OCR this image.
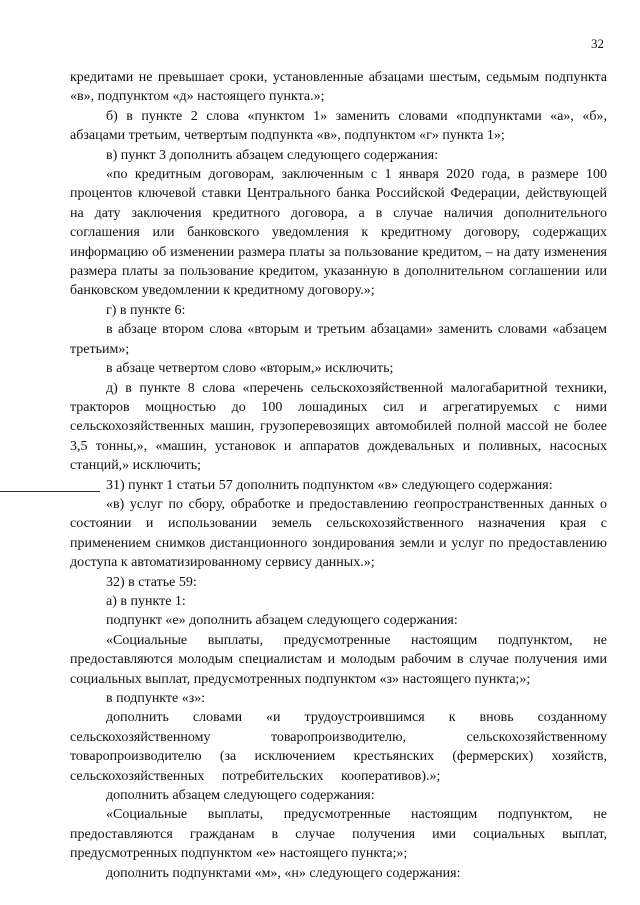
32

кредитами не превышает сроки, установленные абзацами шестым, седьмым подпункта «в», подпунктом «д» настоящего пункта.»;

б) в пункте 2 слова «пунктом 1» заменить словами «подпунктами «а», «б», абзацами третьим, четвертым подпункта «в», подпунктом «г» пункта 1»;

в) пункт 3 дополнить абзацем следующего содержания:

«по кредитным договорам, заключенным с 1 января 2020 года, в размере 100 процентов ключевой ставки Центрального банка Российской Федерации, действующей на дату заключения кредитного договора, а в случае наличия дополнительного соглашения или банковского уведомления к кредитному договору, содержащих информацию об изменении размера платы за пользование кредитом, – на дату изменения размера платы за пользование кредитом, указанную в дополнительном соглашении или банковском уведомлении к кредитному договору.»;

г) в пункте 6:

в абзаце втором слова «вторым и третьим абзацами» заменить словами «абзацем третьим»;

в абзаце четвертом слово «вторым,» исключить;

д) в пункте 8 слова «перечень сельскохозяйственной малогабаритной техники, тракторов мощностью до 100 лошадиных сил и агрегатируемых с ними сельскохозяйственных машин, грузоперевозящих автомобилей полной массой не более 3,5 тонны,», «машин, установок и аппаратов дождевальных и поливных, насосных станций,» исключить;

31) пункт 1 статьи 57 дополнить подпунктом «в» следующего содержания:

«в) услуг по сбору, обработке и предоставлению геопространственных данных о состоянии и использовании земель сельскохозяйственного назначения края с применением снимков дистанционного зондирования земли и услуг по предоставлению доступа к автоматизированному сервису данных.»;

32) в статье 59:

а) в пункте 1:

подпункт «е» дополнить абзацем следующего содержания:

«Социальные выплаты, предусмотренные настоящим подпунктом, не предоставляются молодым специалистам и молодым рабочим в случае получения ими социальных выплат, предусмотренных подпунктом «з» настоящего пункта;»;

в подпункте «з»:

дополнить словами «и трудоустроившимся к вновь созданному сельскохозяйственному товаропроизводителю, сельскохозяйственному товаропроизводителю (за исключением крестьянских (фермерских) хозяйств, сельскохозяйственных потребительских кооперативов).»;

дополнить абзацем следующего содержания:

«Социальные выплаты, предусмотренные настоящим подпунктом, не предоставляются гражданам в случае получения ими социальных выплат, предусмотренных подпунктом «е» настоящего пункта;»;

дополнить подпунктами «м», «н» следующего содержания:
